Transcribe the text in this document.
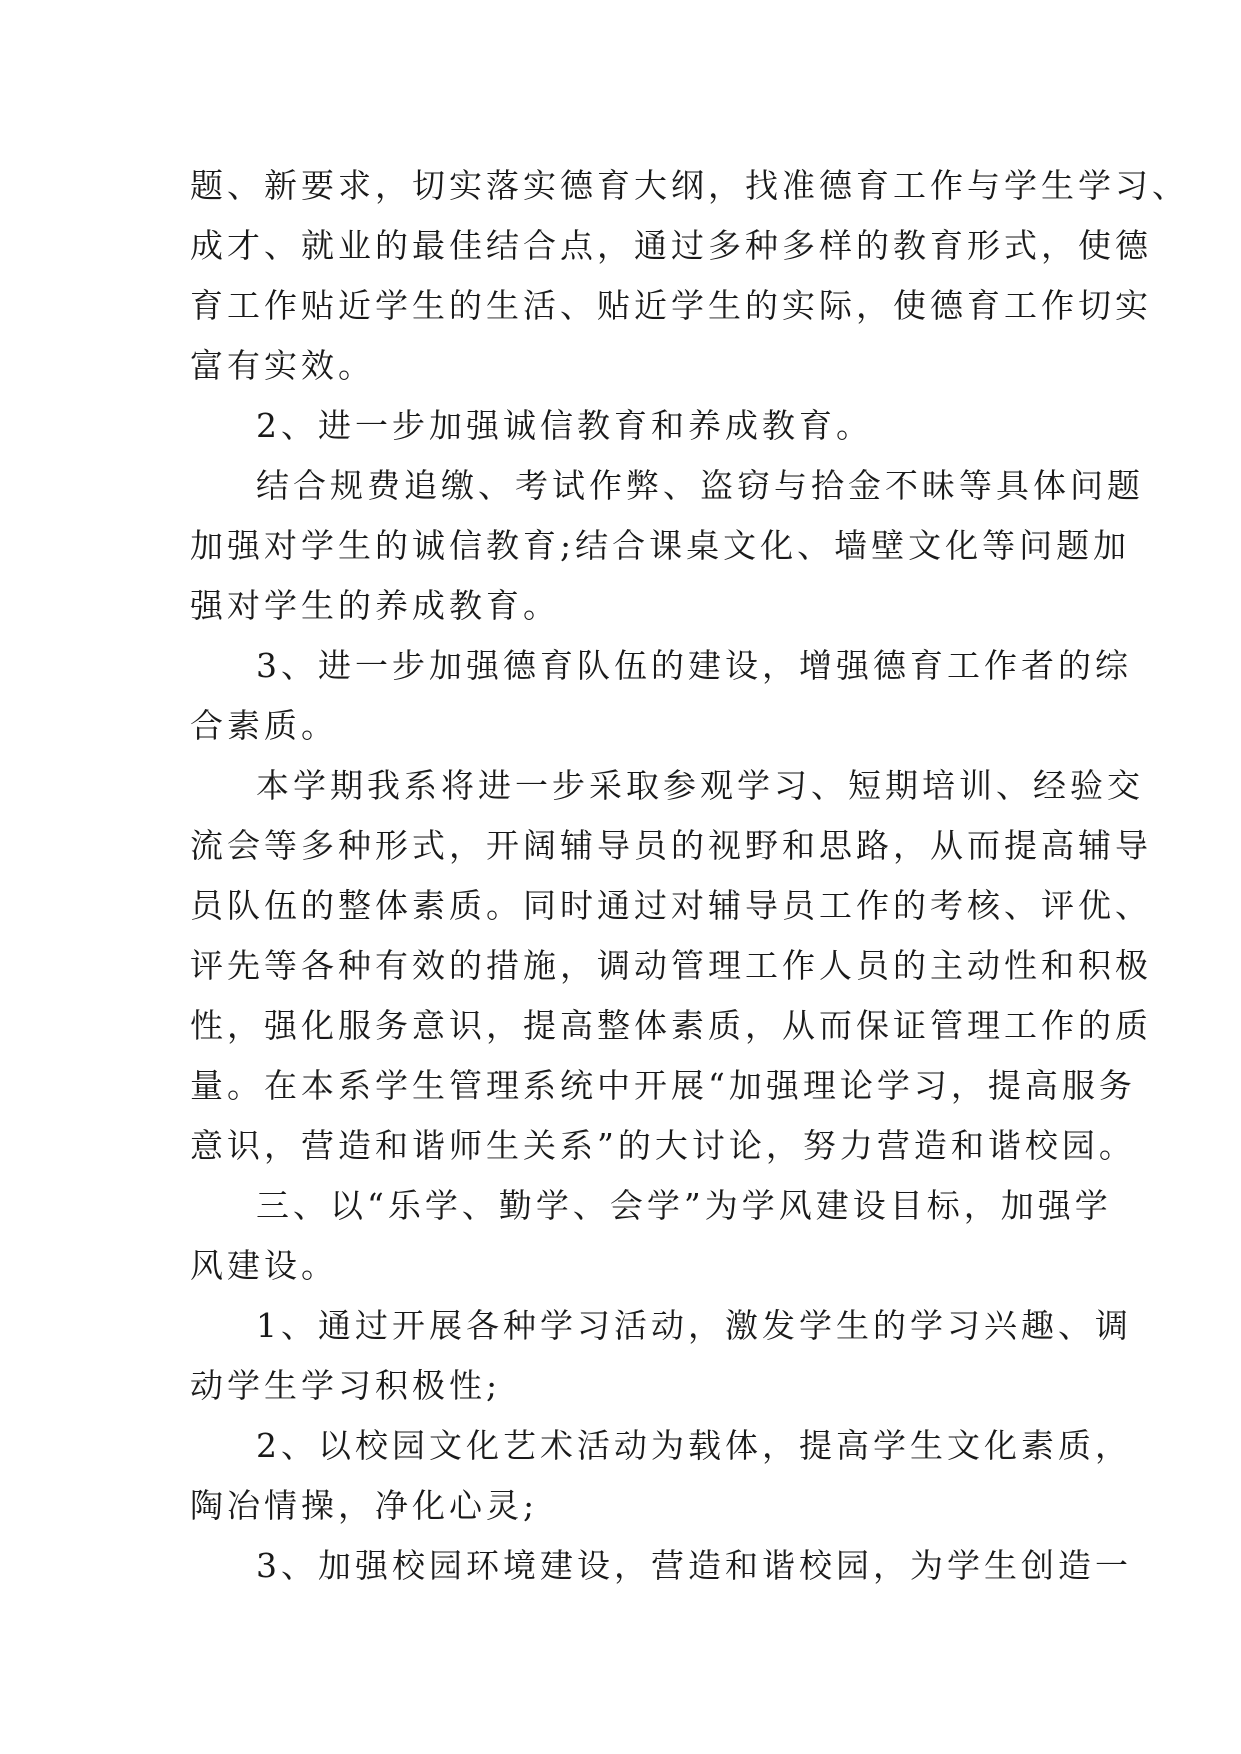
题、新要求，切实落实德育大纲，找准德育工作与学生学习、
成才、就业的最佳结合点，通过多种多样的教育形式，使德
育工作贴近学生的生活、贴近学生的实际，使德育工作切实
富有实效。
2、进一步加强诚信教育和养成教育。
结合规费追缴、考试作弊、盗窃与拾金不昧等具体问题
加强对学生的诚信教育;结合课桌文化、墙壁文化等问题加
强对学生的养成教育。
3、进一步加强德育队伍的建设，增强德育工作者的综
合素质。
本学期我系将进一步采取参观学习、短期培训、经验交
流会等多种形式，开阔辅导员的视野和思路，从而提高辅导
员队伍的整体素质。同时通过对辅导员工作的考核、评优、
评先等各种有效的措施，调动管理工作人员的主动性和积极
性，强化服务意识，提高整体素质，从而保证管理工作的质
量。在本系学生管理系统中开展“加强理论学习，提高服务
意识，营造和谐师生关系”的大讨论，努力营造和谐校园。
三、以“乐学、勤学、会学”为学风建设目标，加强学
风建设。
1、通过开展各种学习活动，激发学生的学习兴趣、调
动学生学习积极性;
2、以校园文化艺术活动为载体，提高学生文化素质，
陶冶情操，净化心灵;
3、加强校园环境建设，营造和谐校园，为学生创造一
